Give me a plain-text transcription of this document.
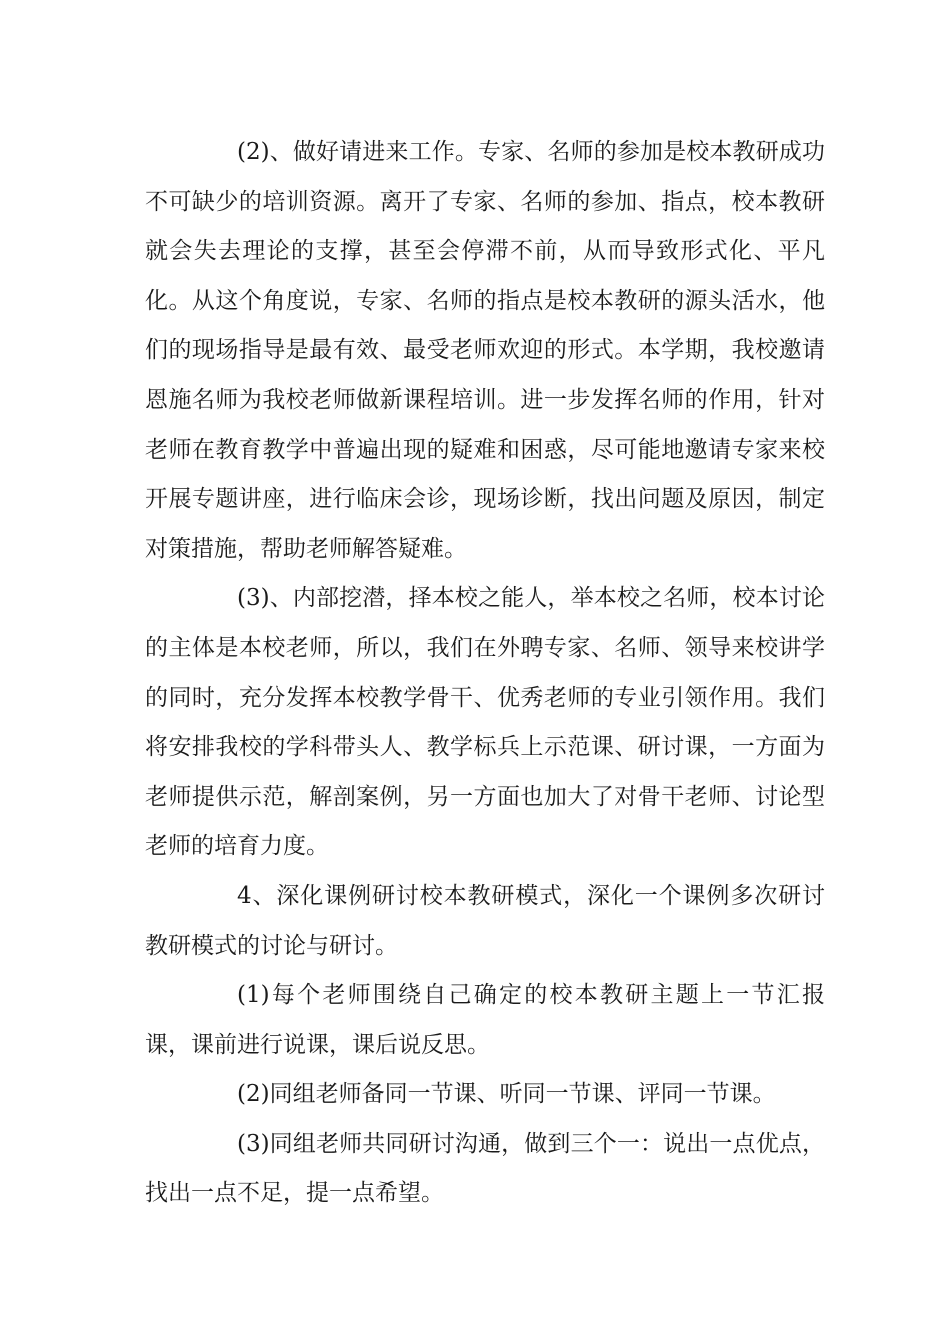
(2)、做好请进来工作。专家、名师的参加是校本教研成功不可缺少的培训资源。离开了专家、名师的参加、指点，校本教研就会失去理论的支撑，甚至会停滞不前，从而导致形式化、平凡化。从这个角度说，专家、名师的指点是校本教研的源头活水，他们的现场指导是最有效、最受老师欢迎的形式。本学期，我校邀请恩施名师为我校老师做新课程培训。进一步发挥名师的作用，针对老师在教育教学中普遍出现的疑难和困惑，尽可能地邀请专家来校开展专题讲座，进行临床会诊，现场诊断，找出问题及原因，制定对策措施，帮助老师解答疑难。

(3)、内部挖潜，择本校之能人，举本校之名师，校本讨论的主体是本校老师，所以，我们在外聘专家、名师、领导来校讲学的同时，充分发挥本校教学骨干、优秀老师的专业引领作用。我们将安排我校的学科带头人、教学标兵上示范课、研讨课，一方面为老师提供示范，解剖案例，另一方面也加大了对骨干老师、讨论型老师的培育力度。

4、深化课例研讨校本教研模式，深化一个课例多次研讨教研模式的讨论与研讨。

(1)每个老师围绕自己确定的校本教研主题上一节汇报　课，课前进行说课，课后说反思。

(2)同组老师备同一节课、听同一节课、评同一节课。

(3)同组老师共同研讨沟通，做到三个一：说出一点优点，找出一点不足，提一点希望。
